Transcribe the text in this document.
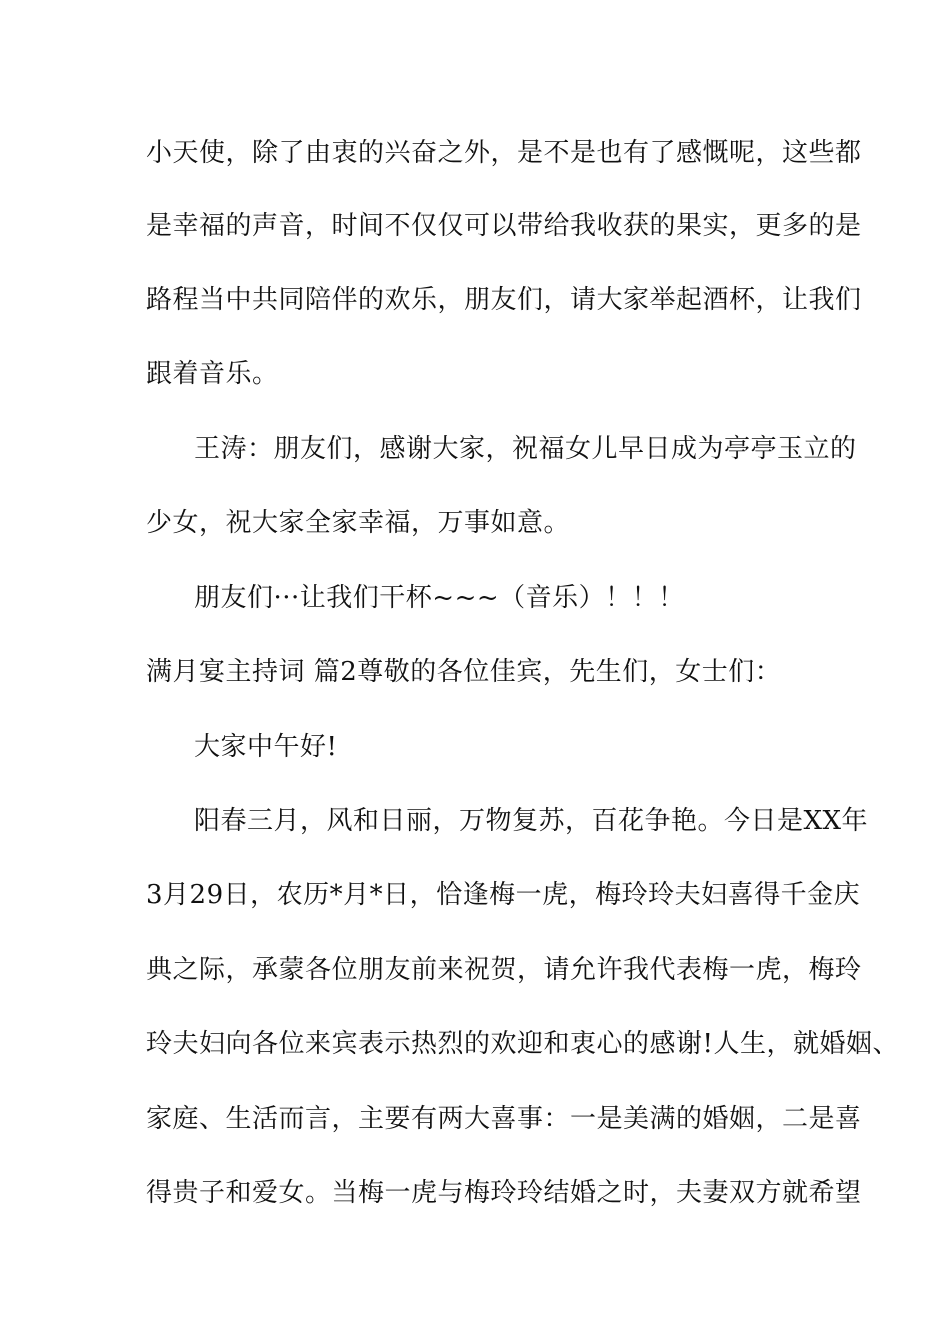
小天使，除了由衷的兴奋之外，是不是也有了感慨呢，这些都
是幸福的声音，时间不仅仅可以带给我收获的果实，更多的是
路程当中共同陪伴的欢乐，朋友们，请大家举起酒杯，让我们
跟着音乐。
王涛：朋友们，感谢大家，祝福女儿早日成为亭亭玉立的
少女，祝大家全家幸福，万事如意。
朋友们···让我们干杯~~~（音乐）！！！
满月宴主持词 篇2尊敬的各位佳宾，先生们，女士们：
大家中午好!
阳春三月，风和日丽，万物复苏，百花争艳。今日是XX年
3月29日，农历*月*日，恰逢梅一虎，梅玲玲夫妇喜得千金庆
典之际，承蒙各位朋友前来祝贺，请允许我代表梅一虎，梅玲
玲夫妇向各位来宾表示热烈的欢迎和衷心的感谢!人生，就婚姻、
家庭、生活而言，主要有两大喜事：一是美满的婚姻，二是喜
得贵子和爱女。当梅一虎与梅玲玲结婚之时，夫妻双方就希望
